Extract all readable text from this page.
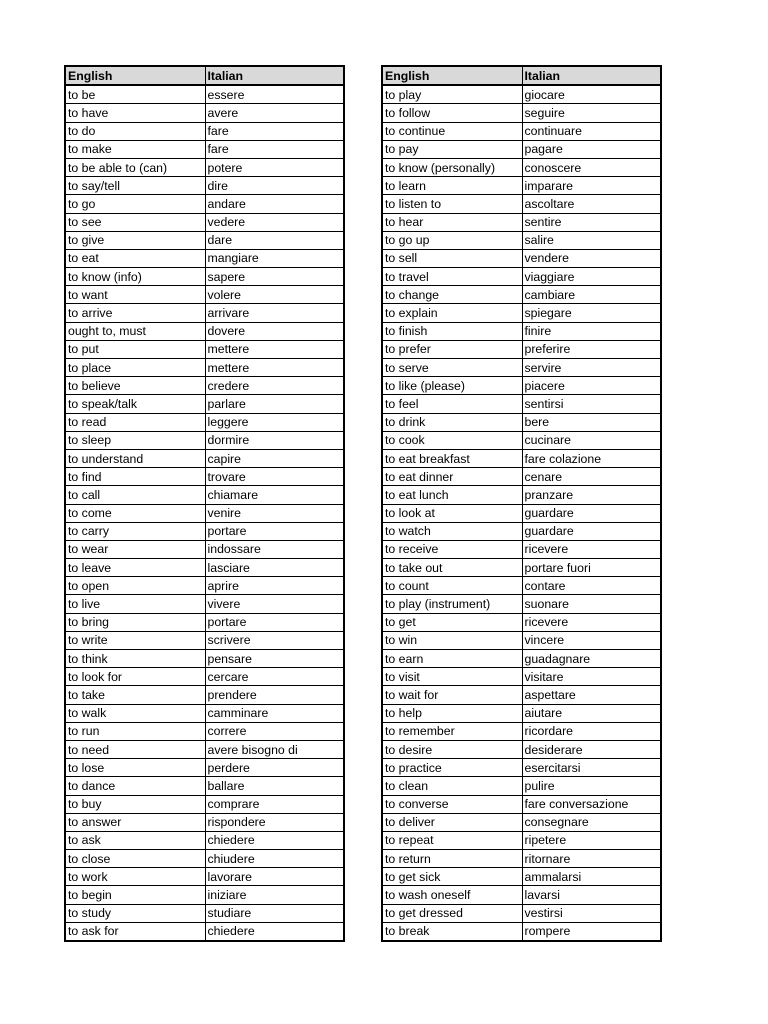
English	Italian
to be	essere
to have	avere
to do	fare
to make	fare
to be able to (can)	potere
to say/tell	dire
to go	andare
to see	vedere
to give	dare
to eat	mangiare
to know (info)	sapere
to want	volere
to arrive	arrivare
ought to, must	dovere
to put	mettere
to place	mettere
to believe	credere
to speak/talk	parlare
to read	leggere
to sleep	dormire
to understand	capire
to find	trovare
to call	chiamare
to come	venire
to carry	portare
to wear	indossare
to leave	lasciare
to open	aprire
to live	vivere
to bring	portare
to write	scrivere
to think	pensare
to look for	cercare
to take	prendere
to walk	camminare
to run	correre
to need	avere bisogno di
to lose	perdere
to dance	ballare
to buy	comprare
to answer	rispondere
to ask	chiedere
to close	chiudere
to work	lavorare
to begin	iniziare
to study	studiare
to ask for	chiedere
English	Italian
to play	giocare
to follow	seguire
to continue	continuare
to pay	pagare
to know (personally)	conoscere
to learn	imparare
to listen to	ascoltare
to hear	sentire
to go up	salire
to sell	vendere
to travel	viaggiare
to change	cambiare
to explain	spiegare
to finish	finire
to prefer	preferire
to serve	servire
to like (please)	piacere
to feel	sentirsi
to drink	bere
to cook	cucinare
to eat breakfast	fare colazione
to eat dinner	cenare
to eat lunch	pranzare
to look at	guardare
to watch	guardare
to receive	ricevere
to take out	portare fuori
to count	contare
to play (instrument)	suonare
to get	ricevere
to win	vincere
to earn	guadagnare
to visit	visitare
to wait for	aspettare
to help	aiutare
to remember	ricordare
to desire	desiderare
to practice	esercitarsi
to clean	pulire
to converse	fare conversazione
to deliver	consegnare
to repeat	ripetere
to return	ritornare
to get sick	ammalarsi
to wash oneself	lavarsi
to get dressed	vestirsi
to break	rompere
